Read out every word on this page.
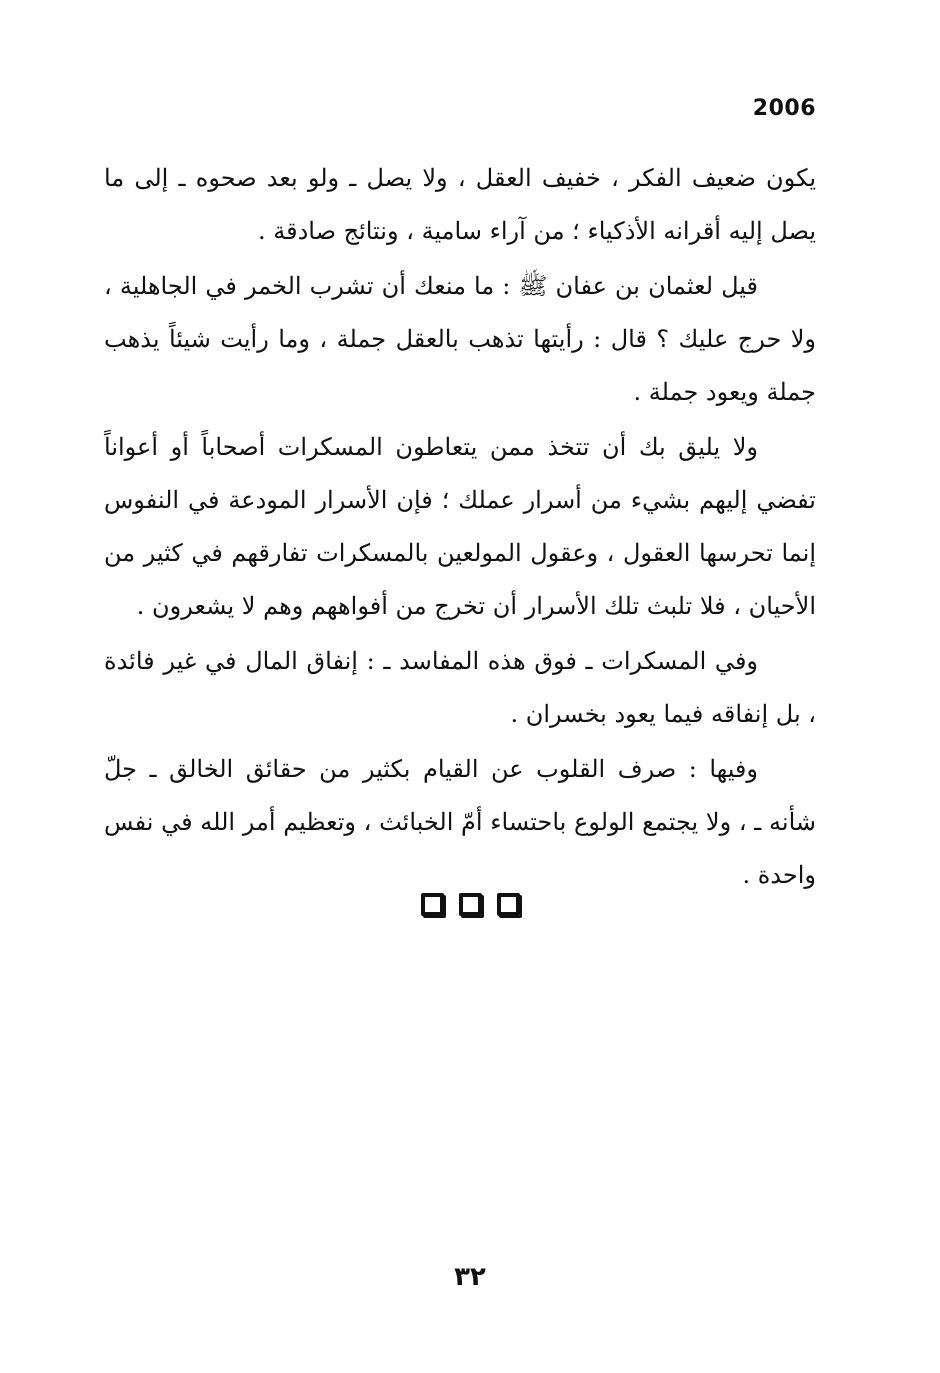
2006

يكون ضعيف الفكر ، خفيف العقل ، ولا يصل ـ ولو بعد صحوه ـ إلى ما يصل إليه أقرانه الأذكياء ؛ من آراء سامية ، ونتائج صادقة .

قيل لعثمان بن عفان ﷺ : ما منعك أن تشرب الخمر في الجاهلية ، ولا حرج عليك ؟ قال : رأيتها تذهب بالعقل جملة ، وما رأيت شيئاً يذهب جملة ويعود جملة .

ولا يليق بك أن تتخذ ممن يتعاطون المسكرات أصحاباً أو أعواناً تفضي إليهم بشيء من أسرار عملك ؛ فإن الأسرار المودعة في النفوس إنما تحرسها العقول ، وعقول المولعين بالمسكرات تفارقهم في كثير من الأحيان ، فلا تلبث تلك الأسرار أن تخرج من أفواههم وهم لا يشعرون .

وفي المسكرات ـ فوق هذه المفاسد ـ : إنفاق المال في غير فائدة ، بل إنفاقه فيما يعود بخسران .

وفيها : صرف القلوب عن القيام بكثير من حقائق الخالق ـ جلّ شأنه ـ ، ولا يجتمع الولوع باحتساء أمّ الخبائث ، وتعظيم أمر الله في نفس واحدة .

٣٢
